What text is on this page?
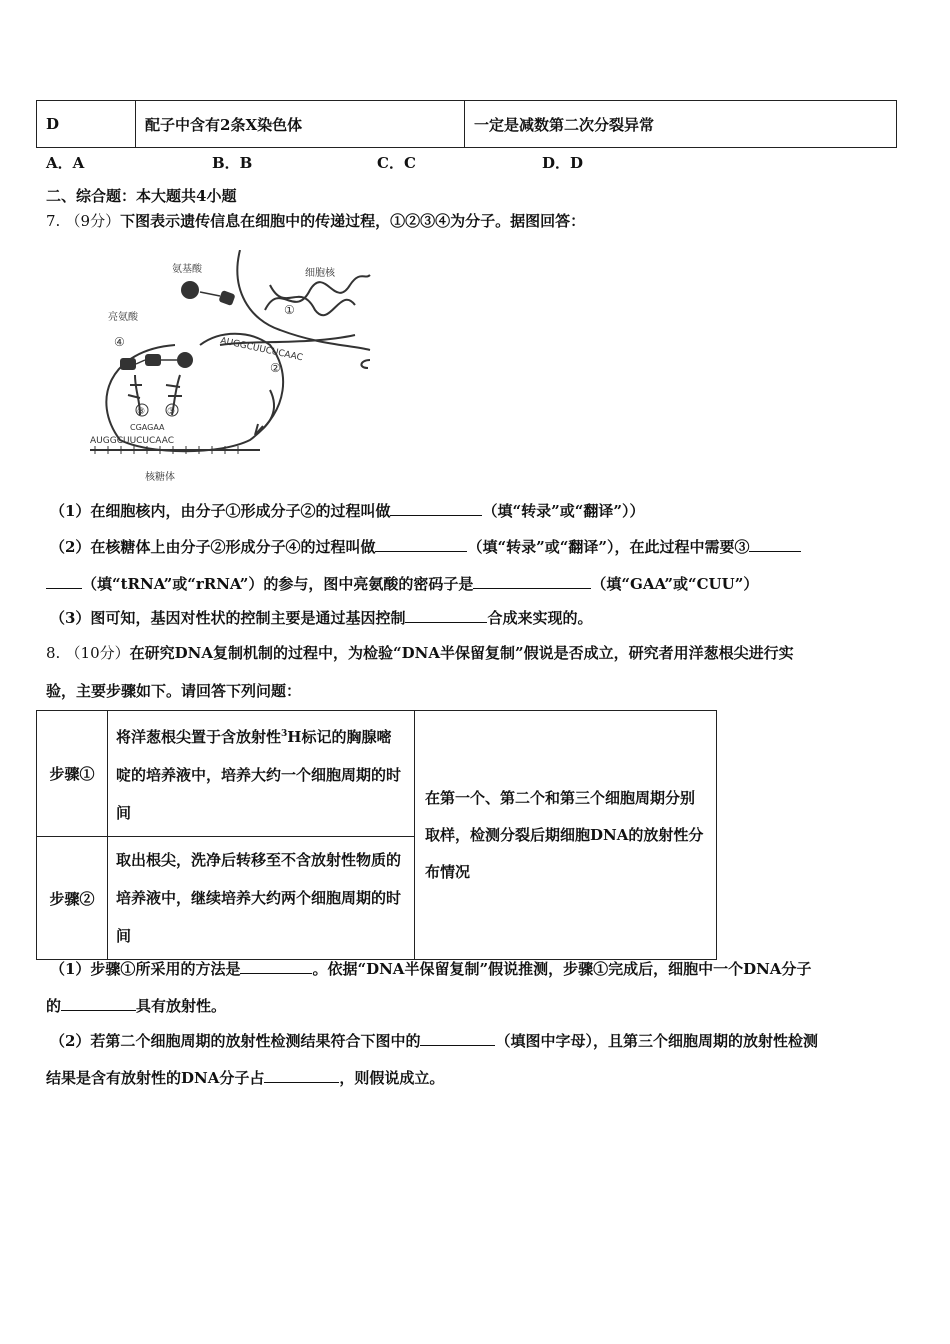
D	配子中含有2条X染色体	一定是减数第二次分裂异常
A．A	B．B	C．C	D．D
二、综合题：本大题共4小题
7. （9分）下图表示遗传信息在细胞中的传递过程，①②③④为分子。据图回答：
氨基酸	细胞核
亮氨酸
核糖体
AUGGCUUCUCAAC
AUGGCUUCUCAAC
CGAGAA
①
②
③ ③
④
（1）在细胞核内，由分子①形成分子②的过程叫做	（填“转录”或“翻译”））
（2）在核糖体上由分子②形成分子④的过程叫做	（填“转录”或“翻译”），在此过程中需要③
（填“tRNA”或“rRNA”）的参与，图中亮氨酸的密码子是	（填“GAA”或“CUU”）
（3）图可知，基因对性状的控制主要是通过基因控制	合成来实现的。
8. （10分）在研究DNA复制机制的过程中，为检验“DNA半保留复制”假说是否成立，研究者用洋葱根尖进行实
验，主要步骤如下。请回答下列问题：
步骤①	将洋葱根尖置于含放射性$^3$H标记的胸腺嘧啶的培养液中，培养大约一个细胞周期的时间	在第一个、第二个和第三个细胞周期分别取样，检测分裂后期细胞DNA的放射性分布情况
步骤②	取出根尖，洗净后转移至不含放射性物质的培养液中，继续培养大约两个细胞周期的时间	
（1）步骤①所采用的方法是	。依据“DNA半保留复制”假说推测，步骤①完成后，细胞中一个DNA分子
的	具有放射性。
（2）若第二个细胞周期的放射性检测结果符合下图中的	（填图中字母），且第三个细胞周期的放射性检测
结果是含有放射性的DNA分子占	，则假说成立。
